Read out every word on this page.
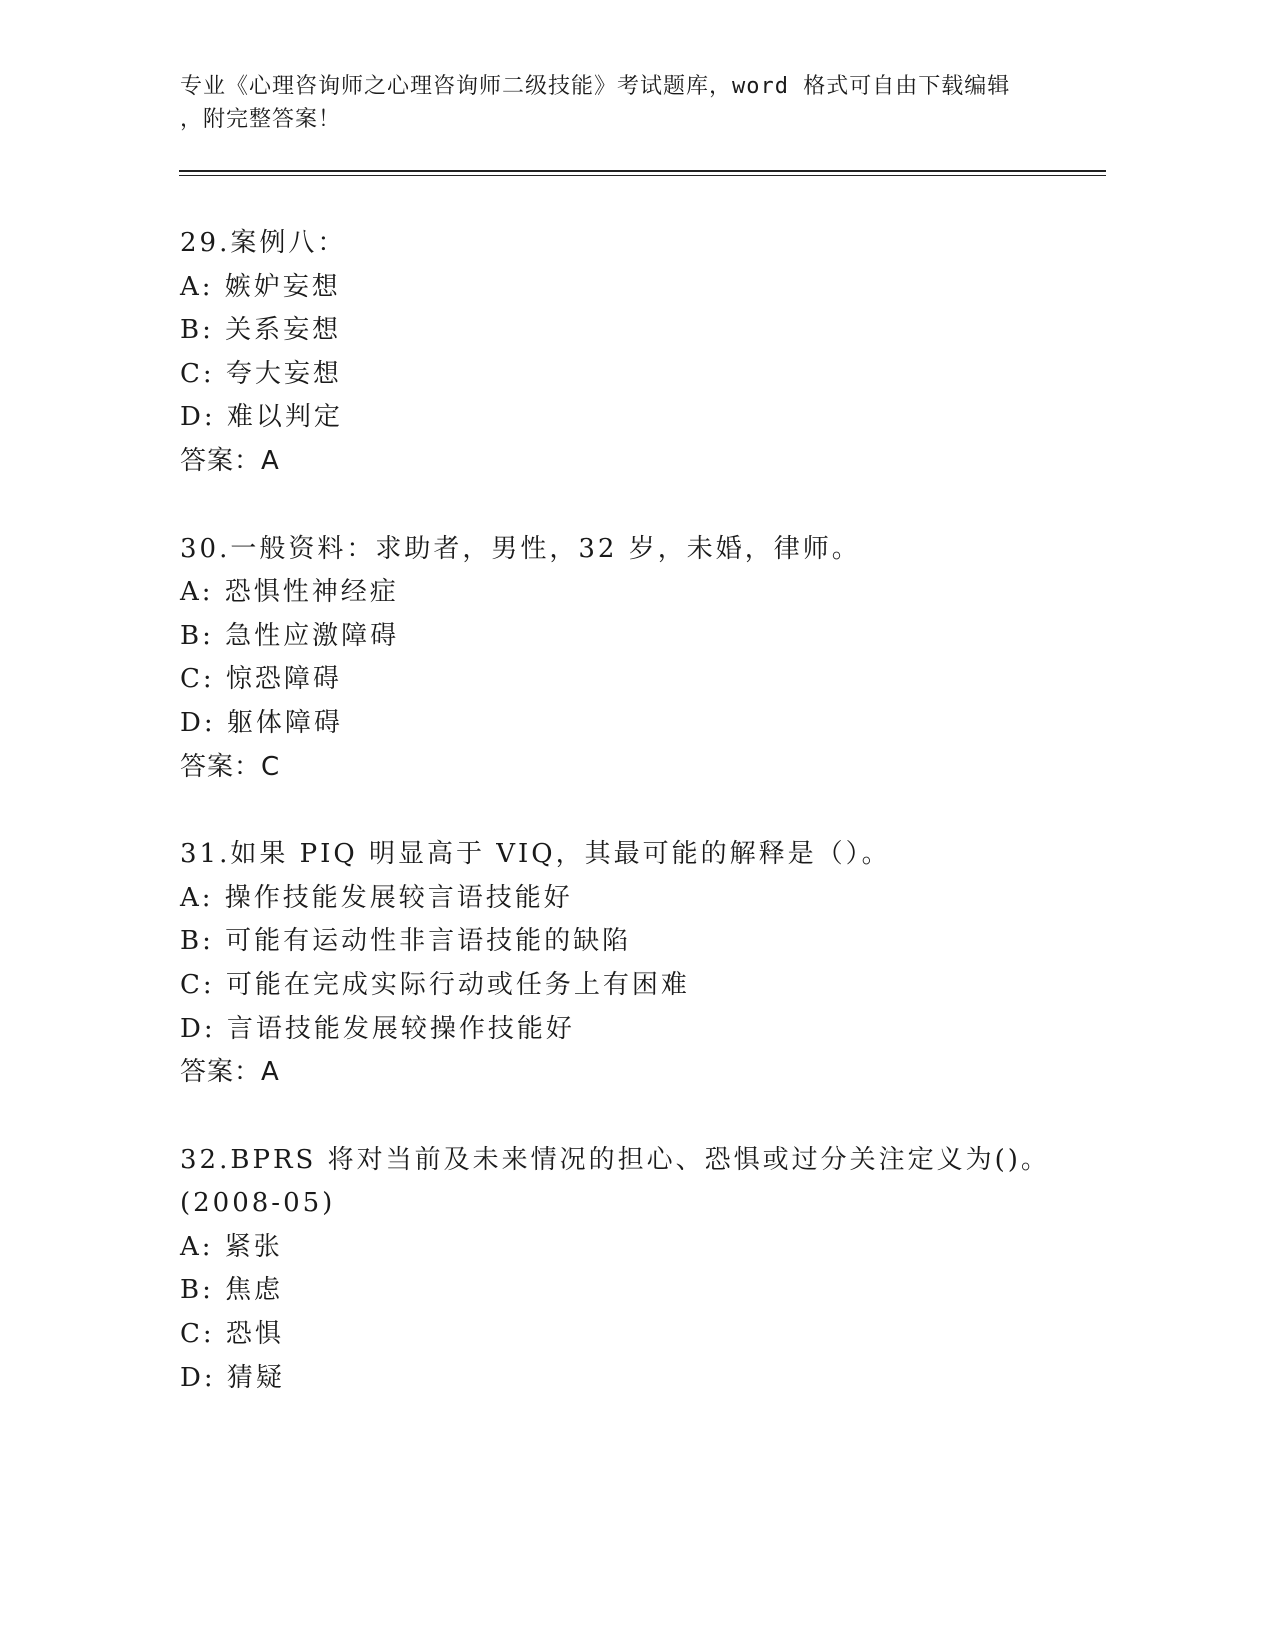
专业《心理咨询师之心理咨询师二级技能》考试题库，word 格式可自由下载编辑
，附完整答案！
29.案例八：
A: 嫉妒妄想
B: 关系妄想
C: 夸大妄想
D: 难以判定
答案：A
30.一般资料：求助者，男性，32 岁，未婚，律师。
A: 恐惧性神经症
B: 急性应激障碍
C: 惊恐障碍
D: 躯体障碍
答案：C
31.如果 PIQ 明显高于 VIQ，其最可能的解释是（）。
A: 操作技能发展较言语技能好
B: 可能有运动性非言语技能的缺陷
C: 可能在完成实际行动或任务上有困难
D: 言语技能发展较操作技能好
答案：A
32.BPRS 将对当前及未来情况的担心、恐惧或过分关注定义为()。
(2008-05)
A: 紧张
B: 焦虑
C: 恐惧
D: 猜疑
